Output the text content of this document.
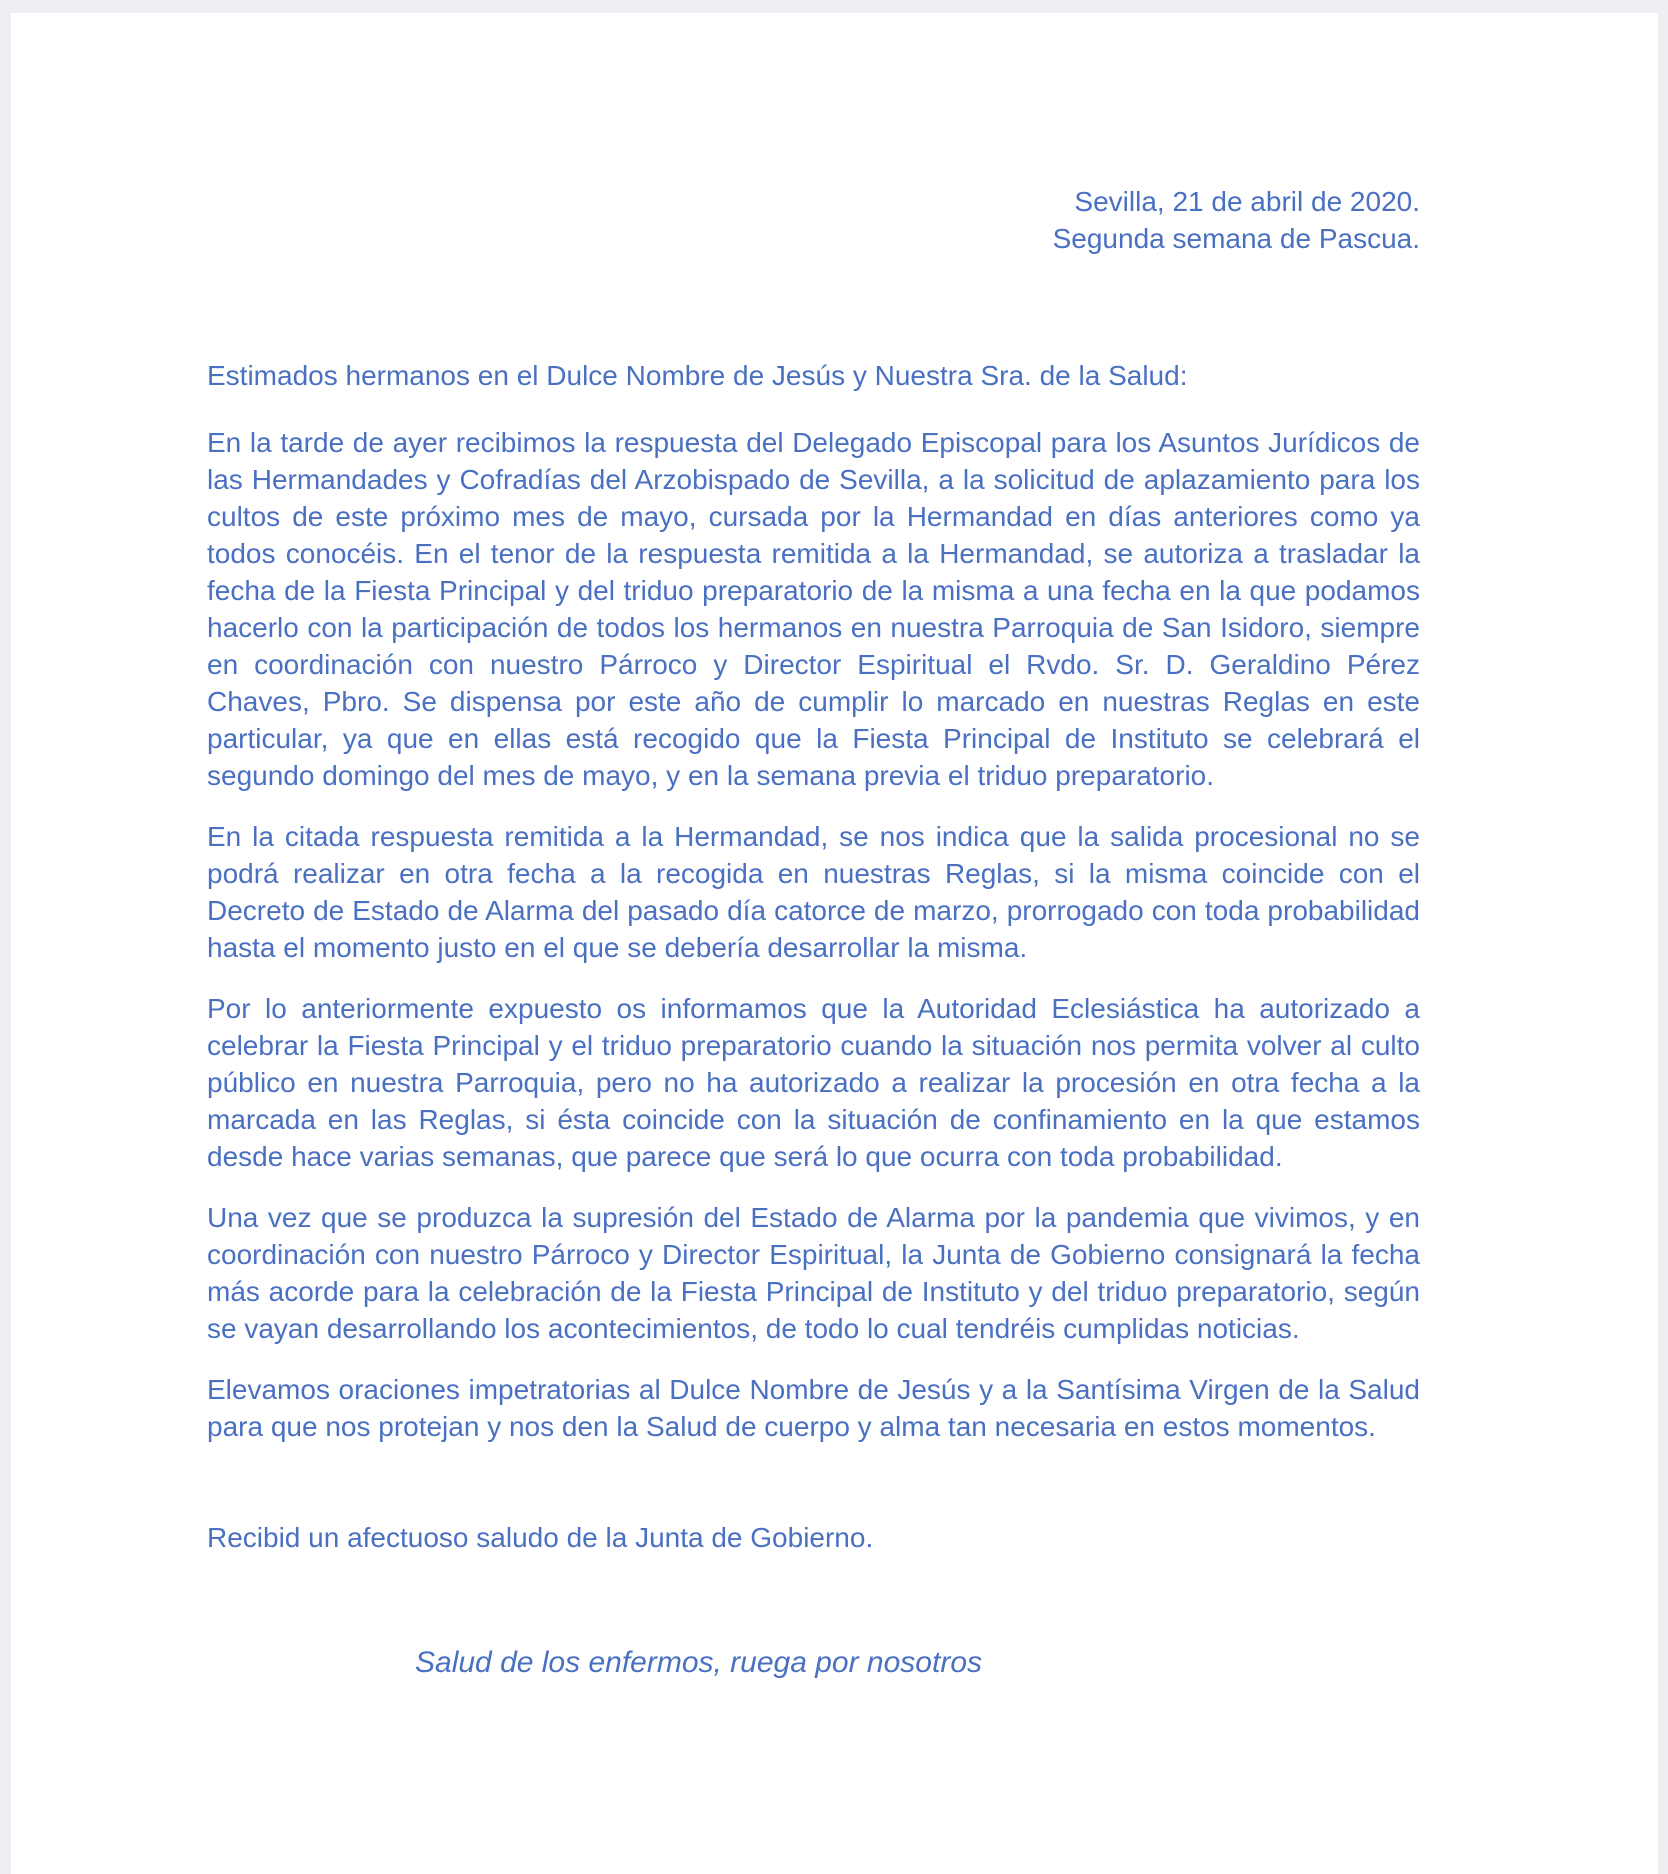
Sevilla, 21 de abril de 2020.

Segunda semana de Pascua.

Estimados hermanos en el Dulce Nombre de Jesús y Nuestra Sra. de la Salud:

En la tarde de ayer recibimos la respuesta del Delegado Episcopal para los Asuntos Jurídicos de las Hermandades y Cofradías del Arzobispado de Sevilla, a la solicitud de aplazamiento para los cultos de este próximo mes de mayo, cursada por la Hermandad en días anteriores como ya todos conocéis. En el tenor de la respuesta remitida a la Hermandad, se autoriza a trasladar la fecha de la Fiesta Principal y del triduo preparatorio de la misma a una fecha en la que podamos hacerlo con la participación de todos los hermanos en nuestra Parroquia de San Isidoro, siempre en coordinación con nuestro Párroco y Director Espiritual el Rvdo. Sr. D. Geraldino Pérez Chaves, Pbro. Se dispensa por este año de cumplir lo marcado en nuestras Reglas en este particular, ya que en ellas está recogido que la Fiesta Principal de Instituto se celebrará el segundo domingo del mes de mayo, y en la semana previa el triduo preparatorio.

En la citada respuesta remitida a la Hermandad, se nos indica que la salida procesional no se podrá realizar en otra fecha a la recogida en nuestras Reglas, si la misma coincide con el Decreto de Estado de Alarma del pasado día catorce de marzo, prorrogado con toda probabilidad hasta el momento justo en el que se debería desarrollar la misma.

Por lo anteriormente expuesto os informamos que la Autoridad Eclesiástica ha autorizado a celebrar la Fiesta Principal y el triduo preparatorio cuando la situación nos permita volver al culto público en nuestra Parroquia, pero no ha autorizado a realizar la procesión en otra fecha a la marcada en las Reglas, si ésta coincide con la situación de confinamiento en la que estamos desde hace varias semanas, que parece que será lo que ocurra con toda probabilidad.

Una vez que se produzca la supresión del Estado de Alarma por la pandemia que vivimos, y en coordinación con nuestro Párroco y Director Espiritual, la Junta de Gobierno consignará la fecha más acorde para la celebración de la Fiesta Principal de Instituto y del triduo preparatorio, según se vayan desarrollando los acontecimientos, de todo lo cual tendréis cumplidas noticias.

Elevamos oraciones impetratorias al Dulce Nombre de Jesús y a la Santísima Virgen de la Salud para que nos protejan y nos den la Salud de cuerpo y alma tan necesaria en estos momentos.

Recibid un afectuoso saludo de la Junta de Gobierno.

Salud de los enfermos, ruega por nosotros
